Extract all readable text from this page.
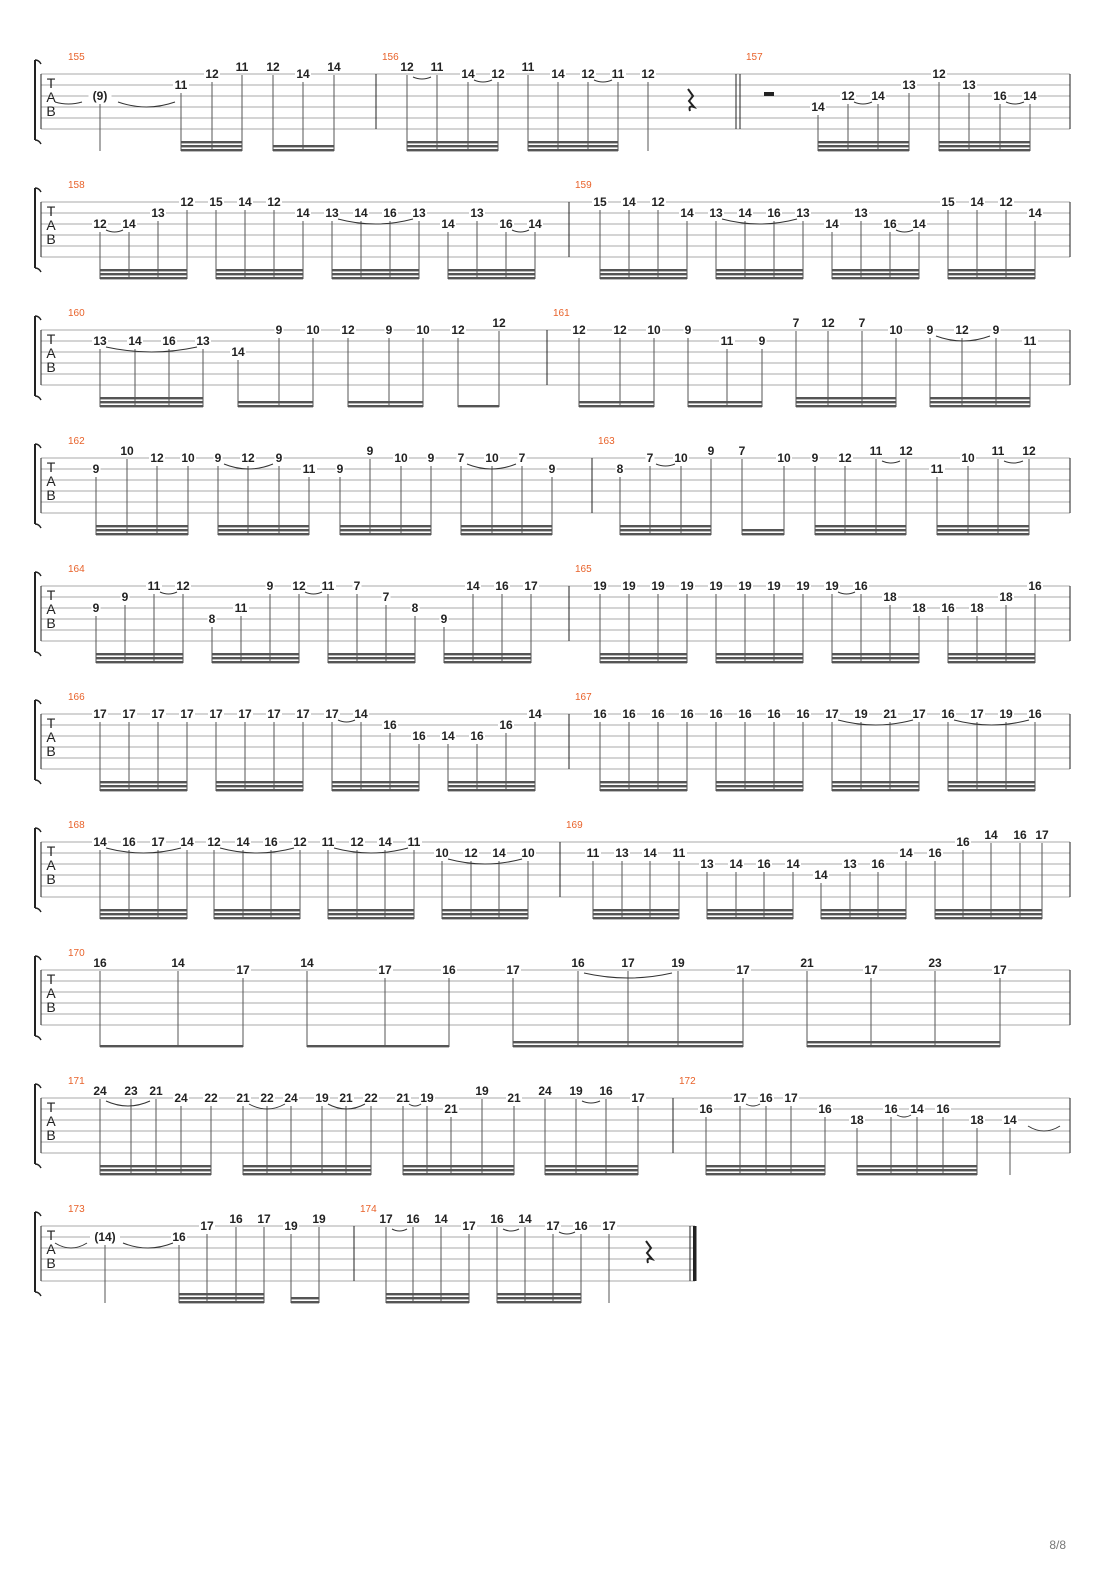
T
A
B
155
(9)
11
12 11 12 14 14
156
12 11 14 12 11 14 12 11 12
157
14
12 14
13
12
13
16 14
T
A
B
158
12 14
13
12 15 14 12
14 13 14 16 13
14
13
16 14
159
15 14 12
14 13 14 16 13
14
13
16 14
15 14 12
14
T
A
B
160
13 14 16 13
14
9 10 12	9 10 12 12
161
12 12 10 9
11 9
7 12 7 10 9 12 9
11
T
A
B
162
9
10 12 10 9 12 9
11 9
9 10 9 7 10 7
9
163
8
7 10 9 7	10 9 12 11 12
11
10 11 12
T
A
B
164
9
9
11 12
8
11
9 12 11 7
7
8
9
14 16 17
165
19 19 19 19 19 19 19 19 19 16
18
18 16 18
18
16
T
A
B
166
17 17 17 17 17 17 17 17 17 14
16
16 14 16
16
14
167
16 16 16 16 16 16 16 16 17 19 21 17 16 17 19 16
T
A
B
168
14 16 17 14 12 14 16 12 11 12 14 11
10 12 14 10
169
11 13 14 11
13 14 16 14
14
13 16
14 16
16 14 16 17
T
A
B
170
16	14	17	14	17	16	17	16	17	19	17	21	17	23	17
T
A
B
171
24 23 21 24 22 21 22 24 19 21 22 21 19
21
19 21 24 19 16 17
172
16
17 16 17
16
18
16 14 16
18 14
T
A
B
173
(14)	16
17 16 17 19 19
174
17 16 14 17 16 14 17 16 17
8/8
